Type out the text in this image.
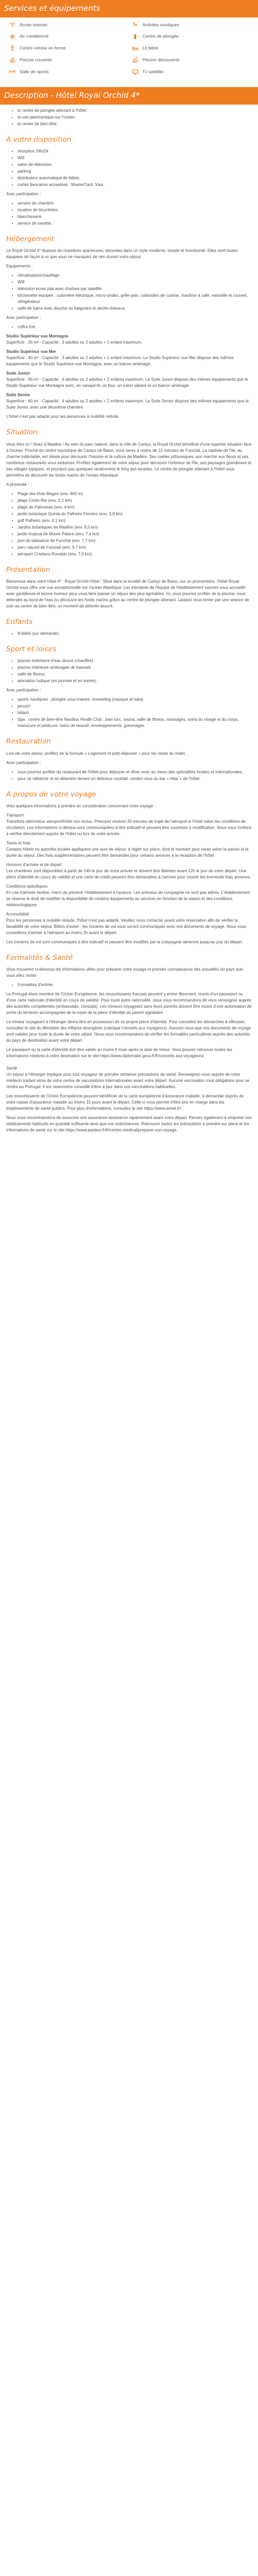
Services et équipements
Accès internet	Activités nautiques
Air conditionné	Centre de plongée
Centre remise en forme	Lit bébé
Piscine couverte	Piscine découverte
Salle de sports	Tv satellite
Description - Hôtel Royal Orchid 4*
• le centre de plongée attenant à l'hôtel
• la vue panoramique sur l'océan
• le centre de bien-être.
A votre disposition
• réception 24h/24
• Wifi
• salon de télévision
• parking
• distributeur automatique de billets
• cartes bancaires acceptées : MasterCard, Visa.

Avec participation :

• service de chambre
• location de bicyclettes
• blanchisserie
• service de navette.
Hébergement

Le Royal Orchid 4* dispose de chambres spacieuses, décorées dans un style moderne, simple et fonctionnel. Elles sont toutes équipées de façon à ce que vous ne manquiez de rien durant votre séjour.

Equipements :

• climatisation/chauffage
• Wifi
• télévision écran plat avec chaînes par satellite
• kitchenette équipée : cuisinière électrique, micro-ondes, grille-pain, ustensiles de cuisine, machine à café, vaisselle et couvert, réfrigérateur
• salle de bains avec douche ou baignoire et sèche-cheveux.

Avec participation :

• coffre-fort.

Studio Supérieur vue Montagne

Superficie : 26 m² - Capacité : 3 adultes ou 2 adultes + 1 enfant maximum.

Studio Supérieur vue Mer

Superficie : 40 m² - Capacité : 3 adultes ou 2 adultes + 1 enfant maximum. Le Studio Supérieur vue Mer dispose des mêmes équipements que le Studio Supérieur vue Montagne, avec un balcon aménagé.

Suite Junior

Superficie : 56 m² - Capacité : 4 adultes ou 2 adultes + 2 enfants maximum. La Suite Junior dispose des mêmes équipements que le Studio Supérieur vue Montagne avec, en canapé-lit, un four, un salon séparé et un balcon aménagé.

Suite Senior

Superficie : 60 m² - Capacité : 4 adultes ou 2 adultes + 2 enfants maximum. La Suite Senior dispose des mêmes équipements que la Suite Junior, avec une deuxième chambre.

L'hôtel n'est pas adapté pour les personnes à mobilité réduite.

Situation

Vous êtes ici ! Vivez à Madère ! Au sein du parc naturel, dans la ville de Caniço, le Royal Orchid bénéficie d'une superbe situation face à l'océan. Proche du centre touristique de Caniço de Baixo, vous serez à moins de 15 minutes de Funchal. La capitale de l'île, au charme indéniable, est idéale pour découvrir l'histoire et la culture de Madère. Ses ruelles pittoresques, son marché aux fleurs et ses nombreux restaurants vous séduiront. Profitez également de votre séjour pour découvrir l'intérieur de l'île, ses paysages grandioses et ses villages typiques, et pourquoi pas quelques randonnées le long des levadas. Le centre de plongée attenant à l'hôtel vous permettra de découvrir les fonds marins de l'océan Atlantique.

A proximité :

• Plage des Rois Mages (env. 600 m)
• plage Cristo Rei (env. 2,2 km)
• plage de Palmeiras (env. 4 km)
• jardin botanique Quinta do Palheiro Ferreiro (env. 3,6 km)
• golf Palheiro (env. 4,1 km)
• Jardins botaniques de Madère (env. 6,5 km)
• jardin tropical de Monte Palace (env. 7,4 km)
• port de plaisance de Funchal (env. 7,7 km)
• parc naturel de Funchal (env. 9,7 km)
• aéroport Cristiano Ronaldo (env. 7,6 km).
Présentation

Bienvenue dans votre hôtel 4* : Royal Orchid Hôtel ! Situé dans la localité de Caniço de Baixo, sur un promontoire, l'hôtel Royal Orchid vous offre une vue exceptionnelle sur l'océan Atlantique. Les membres de l'équipe de l'établissement sauront vous accueillir avec gentillesse et bonne humeur pour vous faire passer un séjour des plus agréables. Ici, vous pourrez profiter de la piscine, vous détendre au bord de l'eau ou découvrir les fonds marins grâce au centre de plongée attenant. Laissez-vous tenter par une séance de soin au centre de bien-être, un moment de détente assuré.

Enfants
• lit bébé (sur demande).
Sport et loisirs
• piscine extérieure d'eau douce (chauffée)
• piscine intérieure aménagée de transats
• salle de fitness
• animation ludique (en journée et en soirée).

Avec participation :

• sports nautiques : plongée sous-marine, snorkeling (masque et tuba)
• jacuzzi
• billard
• Spa : centre de bien-être Nautilus Health Club : bain turc, sauna, salle de fitness, massages, soins du visage et du corps, manucure et pédicure, soins de beauté, enveloppements, gommages.
Restauration

Lors de votre séjour, profitez de la formule « Logement et petit-déjeuner » pour les repas du matin.

Avec participation :

• vous pourrez profiter du restaurant de l'hôtel pour déjeuner et dîner avec au menu des spécialités locales et internationales.
• pour se rafraîchir et se détendre devant un délicieux cocktail, rendez-vous au bar « Altar » de l'hôtel.
A propos de votre voyage

Voici quelques informations à prendre en considération concernant votre voyage :

Transport

Transferts aller/retour aéroport/hôtel non inclus. Prévoyez environ 20 minutes de trajet de l'aéroport à l'hôtel selon les conditions de circulation. Les informations ci-dessus sont communiquées à titre indicatif et peuvent être soumises à modification. Nous vous invitons à vérifier directement auprès de l'hôtel ou lors de votre arrivée.

Taxes et frais

Certains hôtels ou autorités locales appliquent une taxe de séjour, à régler sur place, dont le montant peut varier selon la saison et la durée du séjour. Des frais supplémentaires peuvent être demandés pour certains services à la réception de l'hôtel.

Horaires d'arrivée et de départ

Les chambres sont disponibles à partir de 14h le jour de votre arrivée et doivent être libérées avant 12h le jour de votre départ. Une pièce d'identité en cours de validité et une carte de crédit peuvent être demandées à l'arrivée pour couvrir les éventuels frais annexes.

Conditions spécifiques

En cas d'arrivée tardive, merci de prévenir l'établissement à l'avance. Les animaux de compagnie ne sont pas admis. L'établissement se réserve le droit de modifier la disponibilité de certains équipements ou services en fonction de la saison et des conditions météorologiques.

Accessibilité

Pour les personnes à mobilité réduite, l'hôtel n'est pas adapté. Veuillez nous contacter avant votre réservation afin de vérifier la faisabilité de votre séjour. Billets d'avion : les horaires de vol vous seront communiqués avec vos documents de voyage. Nous vous conseillons d'arriver à l'aéroport au moins 2h avant le départ.

Les horaires de vol sont communiqués à titre indicatif et peuvent être modifiés par la compagnie aérienne jusqu'au jour du départ.

Formalités & Santé

Vous trouverez ci-dessous les informations utiles pour préparer votre voyage et prendre connaissance des actualités du pays que vous allez visiter.

• Formalités d'entrée

Le Portugal étant membre de l'Union Européenne, les ressortissants français peuvent y entrer librement, munis d'un passeport ou d'une carte nationale d'identité en cours de validité. Pour toute autre nationalité, nous vous recommandons de vous renseigner auprès des autorités compétentes (ambassade, consulat). Les mineurs voyageant sans leurs parents doivent être munis d'une autorisation de sortie du territoire accompagnée de la copie de la pièce d'identité du parent signataire.

Le mineur voyageant à l'étranger devra être en possession de sa propre pièce d'identité. Pour connaître les démarches à effectuer, consultez le site du Ministère des Affaires étrangères (rubrique Conseils aux voyageurs). Assurez-vous que vos documents de voyage sont valides pour toute la durée de votre séjour. Nous vous recommandons de vérifier les formalités particulières auprès des autorités du pays de destination avant votre départ.

Le passeport ou la carte d'identité doit être valide au moins 6 mois après la date de retour. Vous pouvez retrouver toutes les informations relatives à votre destination sur le site https://www.diplomatie.gouv.fr/fr/conseils-aux-voyageurs/.

Santé

Un séjour à l'étranger implique pour tout voyageur de prendre certaines précautions de santé. Renseignez-vous auprès de votre médecin traitant et/ou de votre centre de vaccinations internationales avant votre départ. Aucune vaccination n'est obligatoire pour se rendre au Portugal. Il est néanmoins conseillé d'être à jour dans vos vaccinations habituelles.

Les ressortissants de l'Union Européenne peuvent bénéficier de la carte européenne d'assurance maladie, à demander auprès de votre caisse d'assurance maladie au moins 15 jours avant le départ. Celle-ci vous permet d'être pris en charge dans les établissements de santé publics. Pour plus d'informations, consultez le site https://www.ameli.fr/.

Nous vous recommandons de souscrire une assurance assistance rapatriement avant votre départ. Pensez également à emporter vos médicaments habituels en quantité suffisante ainsi que vos ordonnances. Retrouvez toutes les précautions à prendre sur place et les informations de santé sur le site https://www.pasteur.fr/fr/centre-medical/preparer-son-voyage.
